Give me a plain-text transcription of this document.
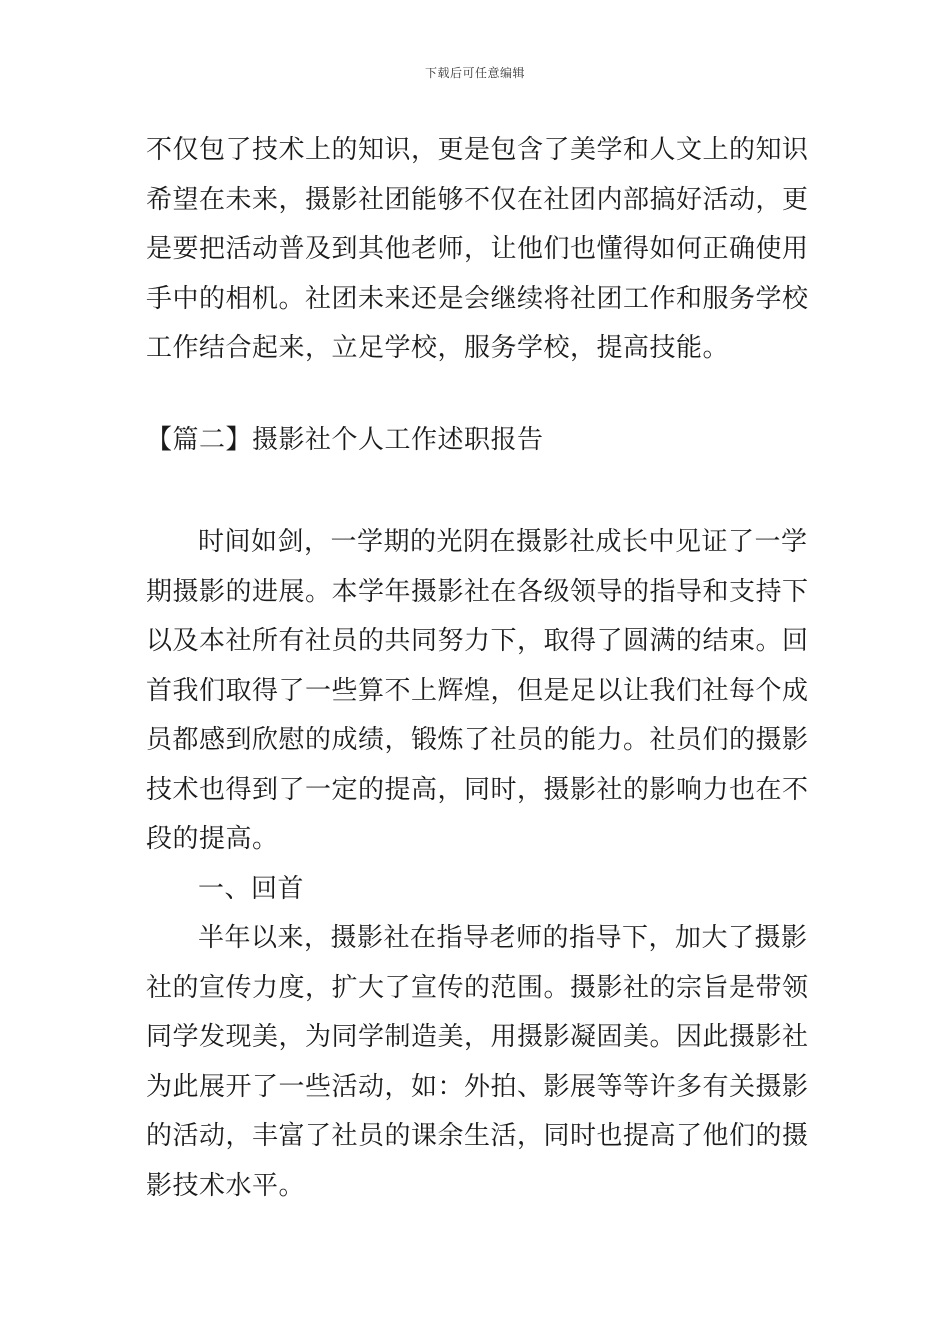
下载后可任意编辑
不仅包了技术上的知识，更是包含了美学和人文上的知识
希望在未来，摄影社团能够不仅在社团内部搞好活动，更
是要把活动普及到其他老师，让他们也懂得如何正确使用
手中的相机。社团未来还是会继续将社团工作和服务学校
工作结合起来，立足学校，服务学校，提高技能。
【篇二】摄影社个人工作述职报告
时间如剑，一学期的光阴在摄影社成长中见证了一学
期摄影的进展。本学年摄影社在各级领导的指导和支持下
以及本社所有社员的共同努力下，取得了圆满的结束。回
首我们取得了一些算不上辉煌，但是足以让我们社每个成
员都感到欣慰的成绩，锻炼了社员的能力。社员们的摄影
技术也得到了一定的提高，同时，摄影社的影响力也在不
段的提高。
一、回首
半年以来，摄影社在指导老师的指导下，加大了摄影
社的宣传力度，扩大了宣传的范围。摄影社的宗旨是带领
同学发现美，为同学制造美，用摄影凝固美。因此摄影社
为此展开了一些活动，如：外拍、影展等等许多有关摄影
的活动，丰富了社员的课余生活，同时也提高了他们的摄
影技术水平。
